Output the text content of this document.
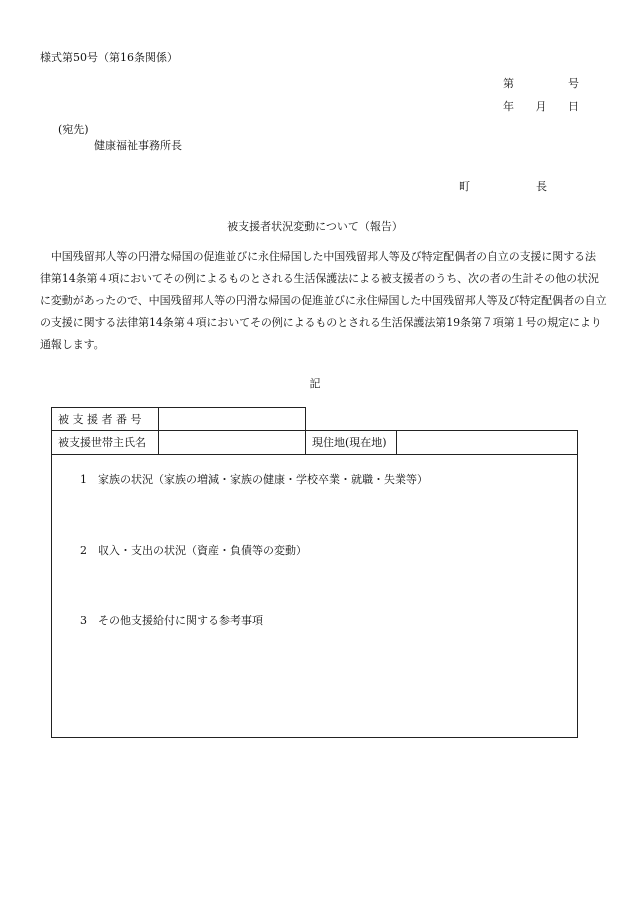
様式第50号（第16条関係）
第	号
年 月 日
(宛先)
健康福祉事務所長
町	長
被支援者状況変動について（報告）
　中国残留邦人等の円滑な帰国の促進並びに永住帰国した中国残留邦人等及び特定配偶者の自立の支援に関する法
律第14条第４項においてその例によるものとされる生活保護法による被支援者のうち、次の者の生計その他の状況
に変動があったので、中国残留邦人等の円滑な帰国の促進並びに永住帰国した中国残留邦人等及び特定配偶者の自立
の支援に関する法律第14条第４項においてその例によるものとされる生活保護法第19条第７項第１号の規定により
通報します。
記
被 支 援 者 番 号
被支援世帯主氏名	現住地(現在地)
1　家族の状況（家族の増減・家族の健康・学校卒業・就職・失業等）
2　収入・支出の状況（資産・負債等の変動）
3　その他支援給付に関する参考事項
